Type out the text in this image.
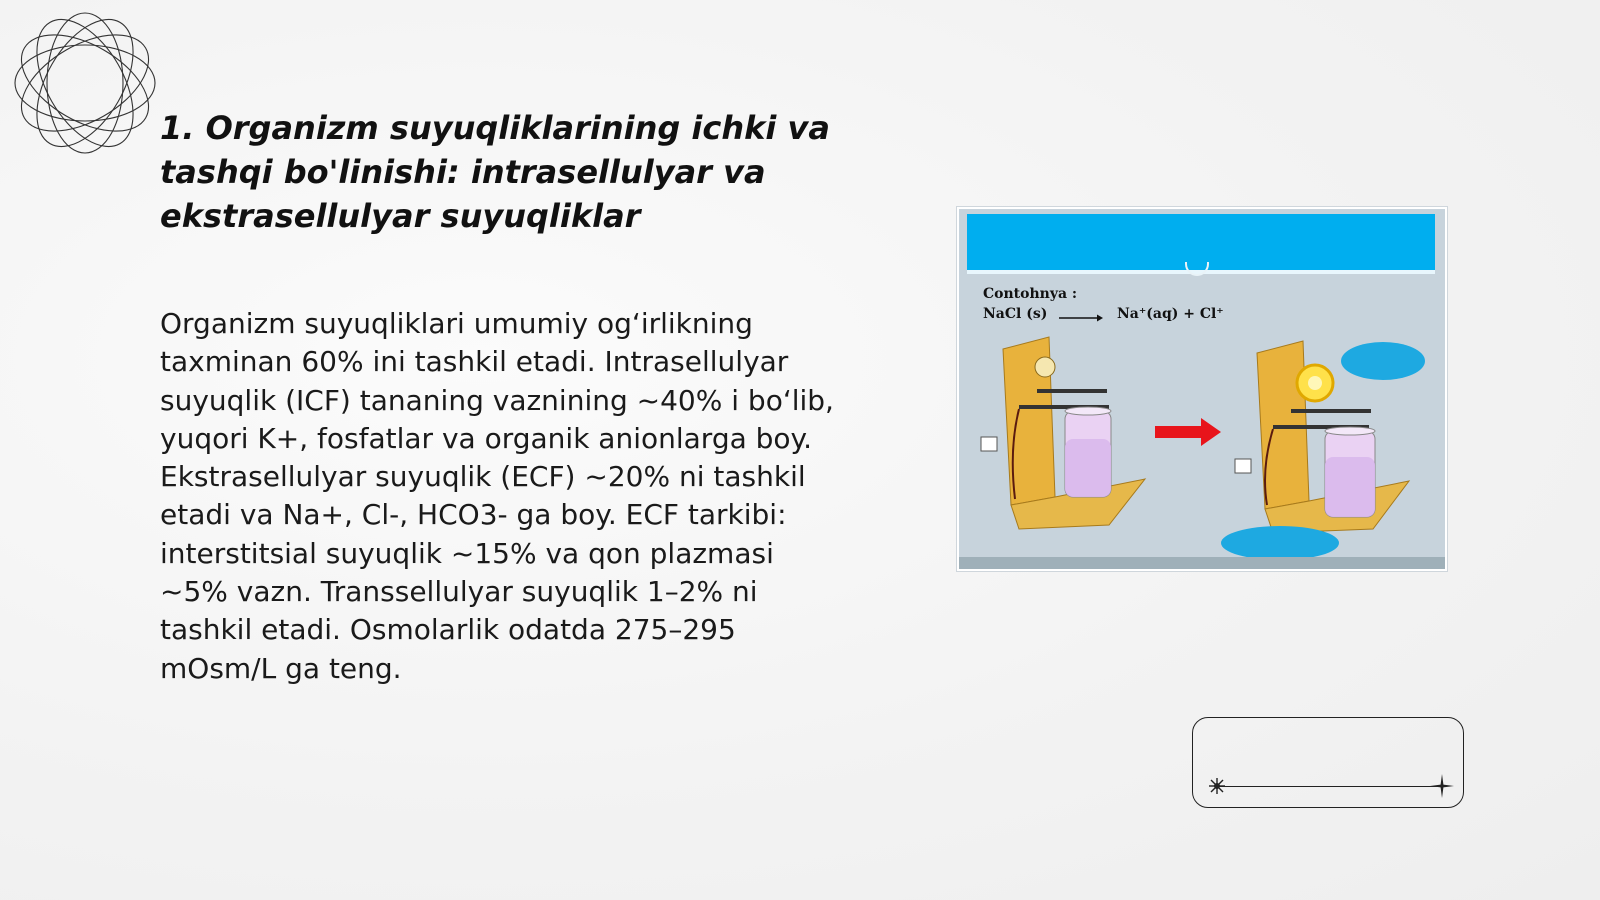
1. Organizm suyuqliklarining ichki va tashqi bo'linishi: intrasellulyar va ekstrasellulyar suyuqliklar

Organizm suyuqliklari umumiy og‘irlikning taxminan 60% ini tashkil etadi. Intrasellulyar suyuqlik (ICF) tananing vaznining ~40% i bo‘lib, yuqori K+, fosfatlar va organik anionlarga boy. Ekstrasellulyar suyuqlik (ECF) ~20% ni tashkil etadi va Na+, Cl-, HCO3- ga boy. ECF tarkibi: interstitsial suyuqlik ~15% va qon plazmasi ~5% vazn. Transsellulyar suyuqlik 1–2% ni tashkil etadi. Osmolarlik odatda 275–295 mOsm/L ga teng.

Contohnya :
NaCl (s) → Na⁺(aq) + Cl⁺
